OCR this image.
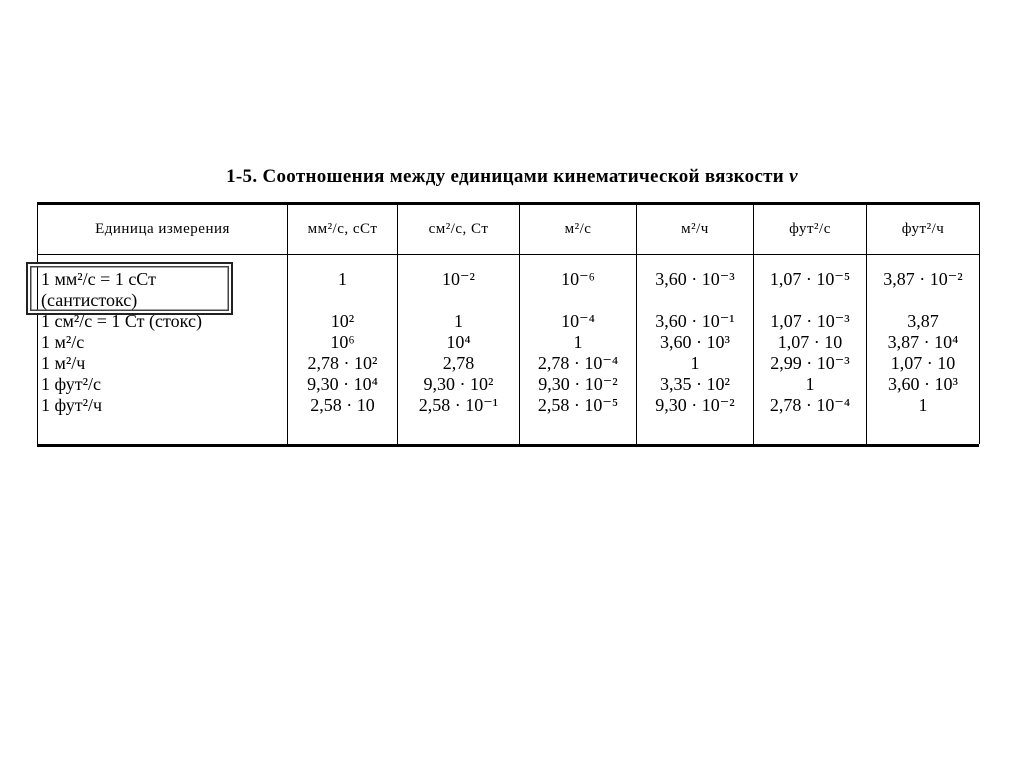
1-5. Соотношения между единицами кинематической вязкости ν
Единица измерения	мм²/с, сСт	см²/с, Ст	м²/с	м²/ч	фут²/с	фут²/ч

1 мм²/с = 1 сСт
(сантистокс)	1	10⁻²	10⁻⁶	3,60 · 10⁻³	1,07 · 10⁻⁵	3,87 · 10⁻²
1 см²/с = 1 Ст (стокс)	10²	1	10⁻⁴	3,60 · 10⁻¹	1,07 · 10⁻³	3,87
1 м²/с	10⁶	10⁴	1	3,60 · 10³	1,07 · 10	3,87 · 10⁴
1 м²/ч	2,78 · 10²	2,78	2,78 · 10⁻⁴	1	2,99 · 10⁻³	1,07 · 10
1 фут²/с	9,30 · 10⁴	9,30 · 10²	9,30 · 10⁻²	3,35 · 10²	1	3,60 · 10³
1 фут²/ч	2,58 · 10	2,58 · 10⁻¹	2,58 · 10⁻⁵	9,30 · 10⁻²	2,78 · 10⁻⁴	1
